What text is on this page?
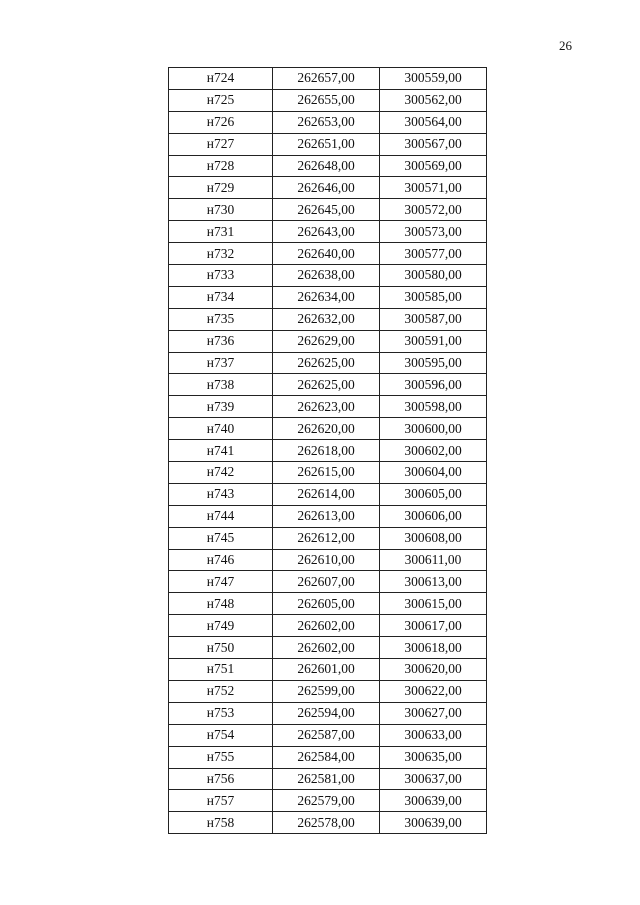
26
н724	262657,00	300559,00
н725	262655,00	300562,00
н726	262653,00	300564,00
н727	262651,00	300567,00
н728	262648,00	300569,00
н729	262646,00	300571,00
н730	262645,00	300572,00
н731	262643,00	300573,00
н732	262640,00	300577,00
н733	262638,00	300580,00
н734	262634,00	300585,00
н735	262632,00	300587,00
н736	262629,00	300591,00
н737	262625,00	300595,00
н738	262625,00	300596,00
н739	262623,00	300598,00
н740	262620,00	300600,00
н741	262618,00	300602,00
н742	262615,00	300604,00
н743	262614,00	300605,00
н744	262613,00	300606,00
н745	262612,00	300608,00
н746	262610,00	300611,00
н747	262607,00	300613,00
н748	262605,00	300615,00
н749	262602,00	300617,00
н750	262602,00	300618,00
н751	262601,00	300620,00
н752	262599,00	300622,00
н753	262594,00	300627,00
н754	262587,00	300633,00
н755	262584,00	300635,00
н756	262581,00	300637,00
н757	262579,00	300639,00
н758	262578,00	300639,00
